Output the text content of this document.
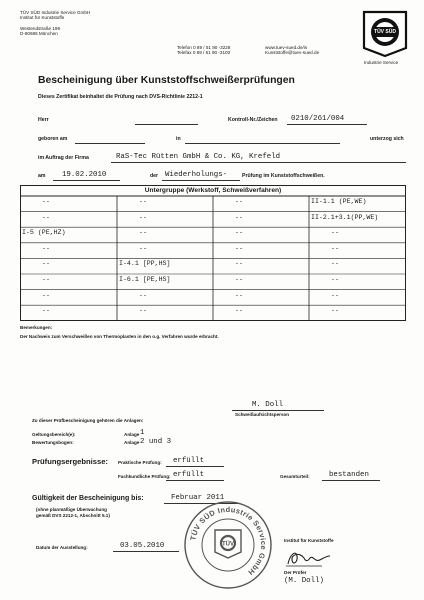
TÜV SÜD Industrie Service GmbH
Institut für Kunststoffe
Westendstraße 199
D-80686 München
Telefon 0 89 / 51 90 -3228
Telefax 0 89 / 51 90 -3100
www.tuev-sued.de/is
Kunststoffe@tuev-sued.de
TÜV SÜD
Industrie Service
Bescheinigung über Kunststoffschweißerprüfungen
Dieses Zertifikat beinhaltet die Prüfung nach DVS-Richtlinie 2212-1
Herr	Kontroll-Nr./Zeichen 0210/261/004
geboren am	in	unterzog sich
im Auftrag der Firma	RaS-Tec Rütten GmbH & Co. KG, Krefeld
am 19.02.2010	der Wiederholungs-	Prüfung im Kunststoffschweißen.
Untergruppe (Werkstoff, Schweißverfahren)
--	--	--	II-1.1 (PE,WE)
--	--	--	II-2.1+3.1(PP,WE)
I-5 (PE,HZ)	--	--	--
--	--	--	--
--	I-4.1 [PP,HS]	--	--
--	I-6.1 [PE,HS]	--	--
--	--	--	--
--	--	--	--
Bemerkungen:
Der Nachweis zum Verschweißen von Thermoplasten in den o.g. Verfahren wurde erbracht.
M. Doll
Schweißaufsichtsperson
Zu dieser Prüfbescheinigung gehören die Anlagen:
Geltungsbereich(e):	Anlage 1
Bewertungsbogen:	Anlage 2 und 3
Prüfungsergebnisse: Praktische Prüfung: erfüllt
Fachkundliche Prüfung: erfüllt	Gesamturteil:	bestanden
Gültigkeit der Bescheinigung bis:	Februar 2011
(ohne planmäßige Überwachung
gemäß DVS 2212-1, Abschnitt 5.1)
Datum der Ausstellung:	03.05.2010
TÜV SÜD Industrie Service GmbH
TÜV
Institut für Kunststoffe
Der Prüfer
(M. Doll)
